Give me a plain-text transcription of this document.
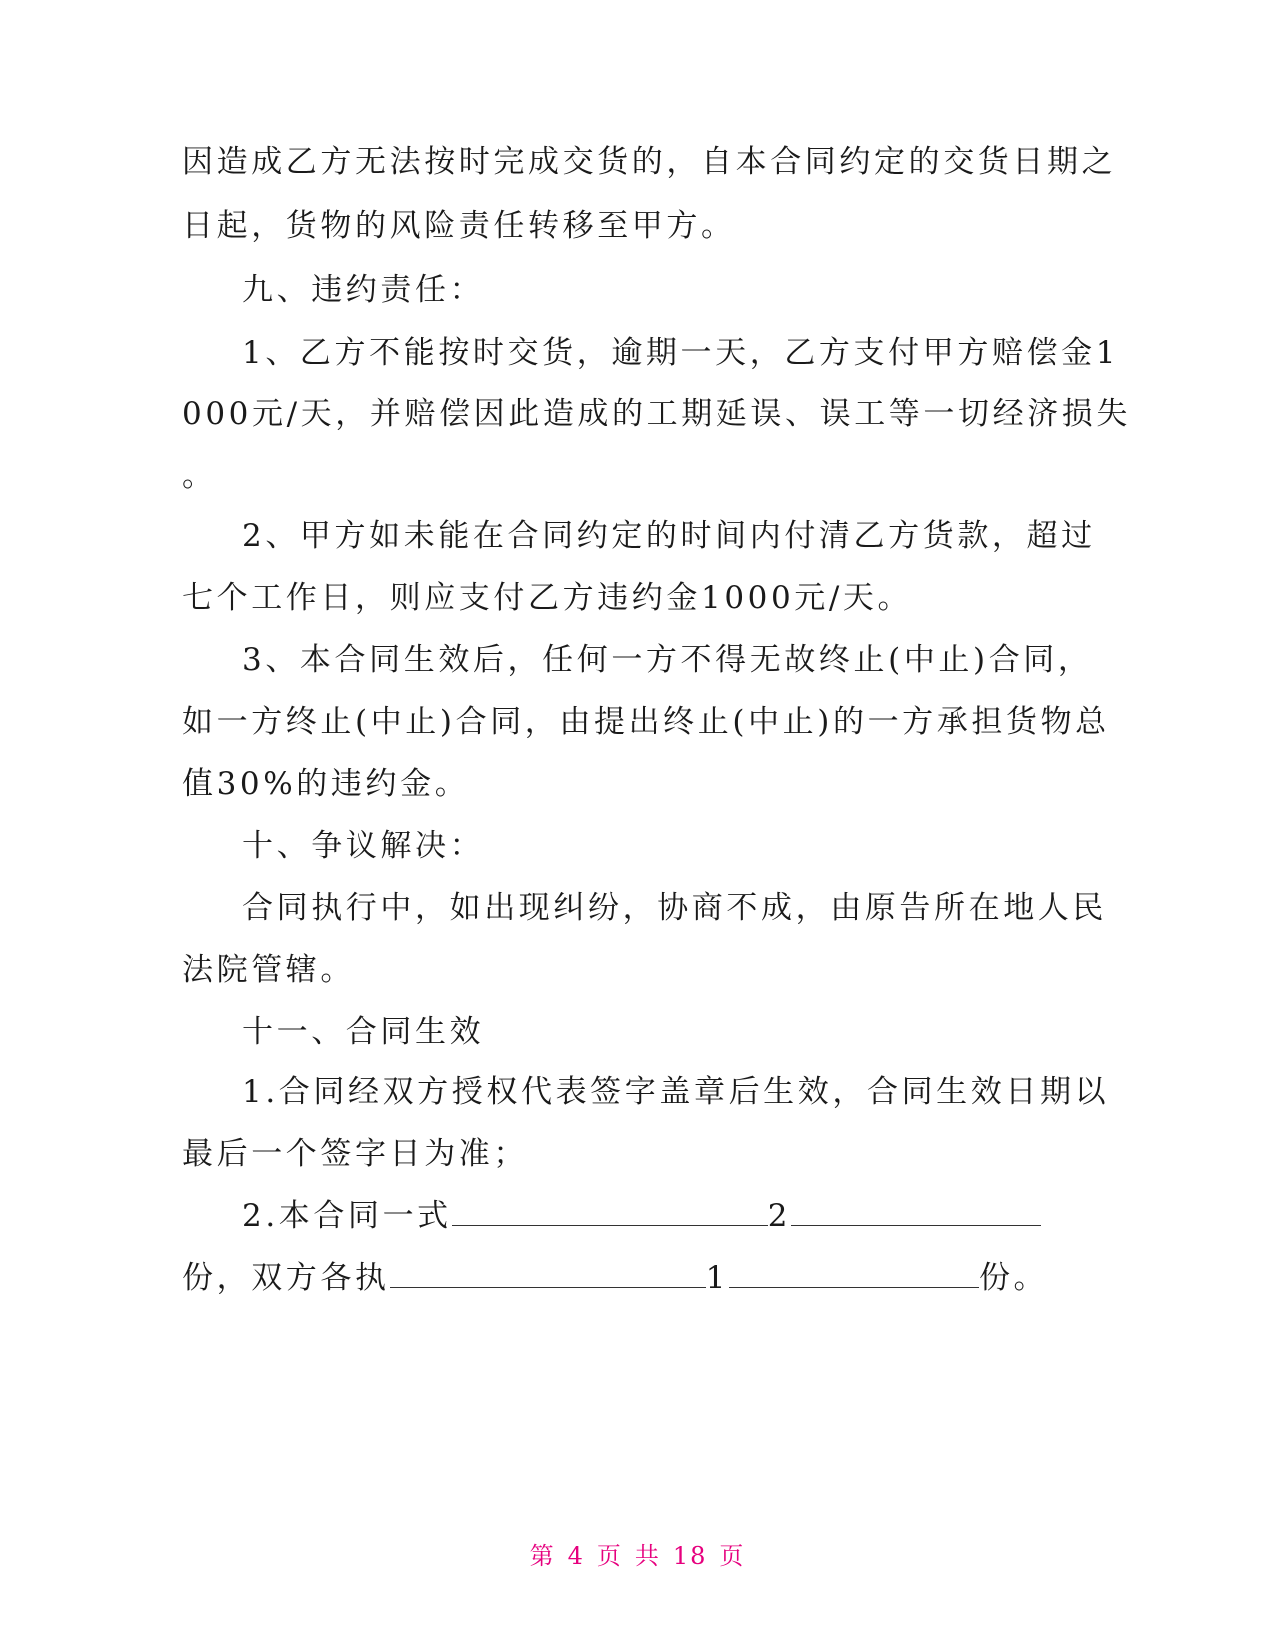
因造成乙方无法按时完成交货的，自本合同约定的交货日期之
日起，货物的风险责任转移至甲方。
九、违约责任：
1、乙方不能按时交货，逾期一天，乙方支付甲方赔偿金1
000元/天，并赔偿因此造成的工期延误、误工等一切经济损失
。
2、甲方如未能在合同约定的时间内付清乙方货款，超过
七个工作日，则应支付乙方违约金1000元/天。
3、本合同生效后，任何一方不得无故终止(中止)合同，
如一方终止(中止)合同，由提出终止(中止)的一方承担货物总
值30%的违约金。
十、争议解决：
合同执行中，如出现纠纷，协商不成，由原告所在地人民
法院管辖。
十一、合同生效
1.合同经双方授权代表签字盖章后生效，合同生效日期以
最后一个签字日为准；
2.本合同一式	2
份，双方各执	1	份。
第 4 页 共 18 页
